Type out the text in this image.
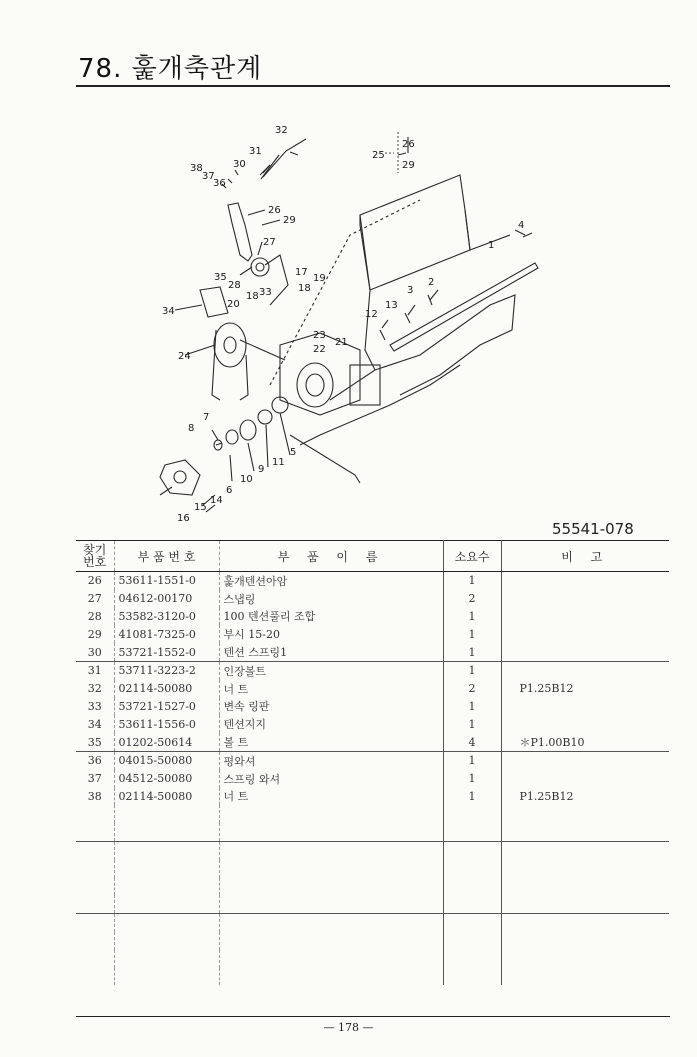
78. 훑개축관계
1
2
3
4
5
6
7
8
10
9
11
12
13
14
15
16
17
18
18
19
20
21
22
23
24
25
26
29
26
27
28
29
30
31
32
33
34
35
36
37
38
55541-078
찾기
번호	부 품 번 호	부 품 이 름	소요수	비 고
26	53611-1551-0	훑개텐션아암	1	
27	04612-00170	스냅링	2	
28	53582-3120-0	100 텐션풀리 조합	1	
29	41081-7325-0	부시 15-20	1	
30	53721-1552-0	텐션 스프링1	1	
31	53711-3223-2	인장볼트	1	
32	02114-50080	너 트	2	P1.25B12
33	53721-1527-0	변속 링판	1	
34	53611-1556-0	텐션지지	1	
35	01202-50614	볼 트	4	＊P1.00B10
36	04015-50080	평와셔	1	
37	04512-50080	스프링 와셔	1	
38	02114-50080	너 트	1	P1.25B12

— 178 —
